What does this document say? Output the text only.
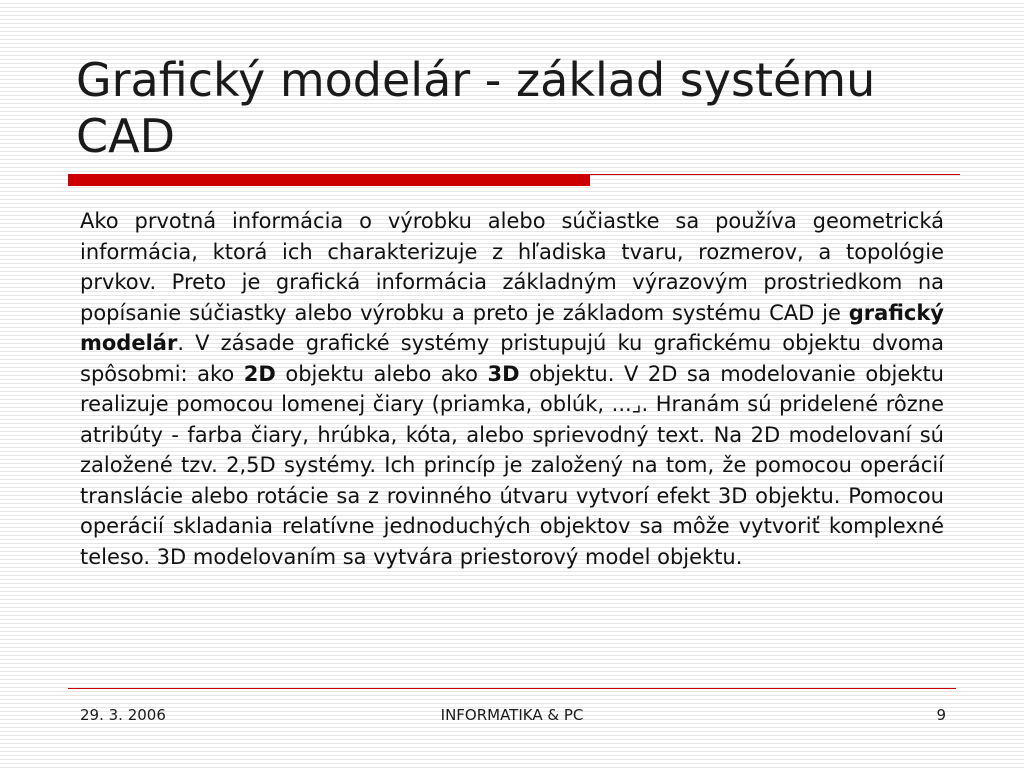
Grafický modelár - základ systému CAD

Ako prvotná informácia o výrobku alebo súčiastke sa používa geometrická informácia, ktorá ich charakterizuje z hľadiska tvaru, rozmerov, a topológie prvkov. Preto je grafická informácia základným výrazovým prostriedkom na popísanie súčiastky alebo výrobku a preto je základom systému CAD je grafický modelár. V zásade grafické systémy pristupujú ku grafickému objektu dvoma spôsobmi: ako 2D objektu alebo ako 3D objektu. V 2D sa modelovanie objektu realizuje pomocou lomenej čiary (priamka, oblúk, ...⌟. Hranám sú pridelené rôzne atribúty - farba čiary, hrúbka, kóta, alebo sprievodný text. Na 2D modelovaní sú založené tzv. 2,5D systémy. Ich princíp je založený na tom, že pomocou operácií translácie alebo rotácie sa z rovinného útvaru vytvorí efekt 3D objektu. Pomocou operácií skladania relatívne jednoduchých objektov sa môže vytvoriť komplexné teleso. 3D modelovaním sa vytvára priestorový model objektu.

29. 3. 2006	INFORMATIKA & PC	9
